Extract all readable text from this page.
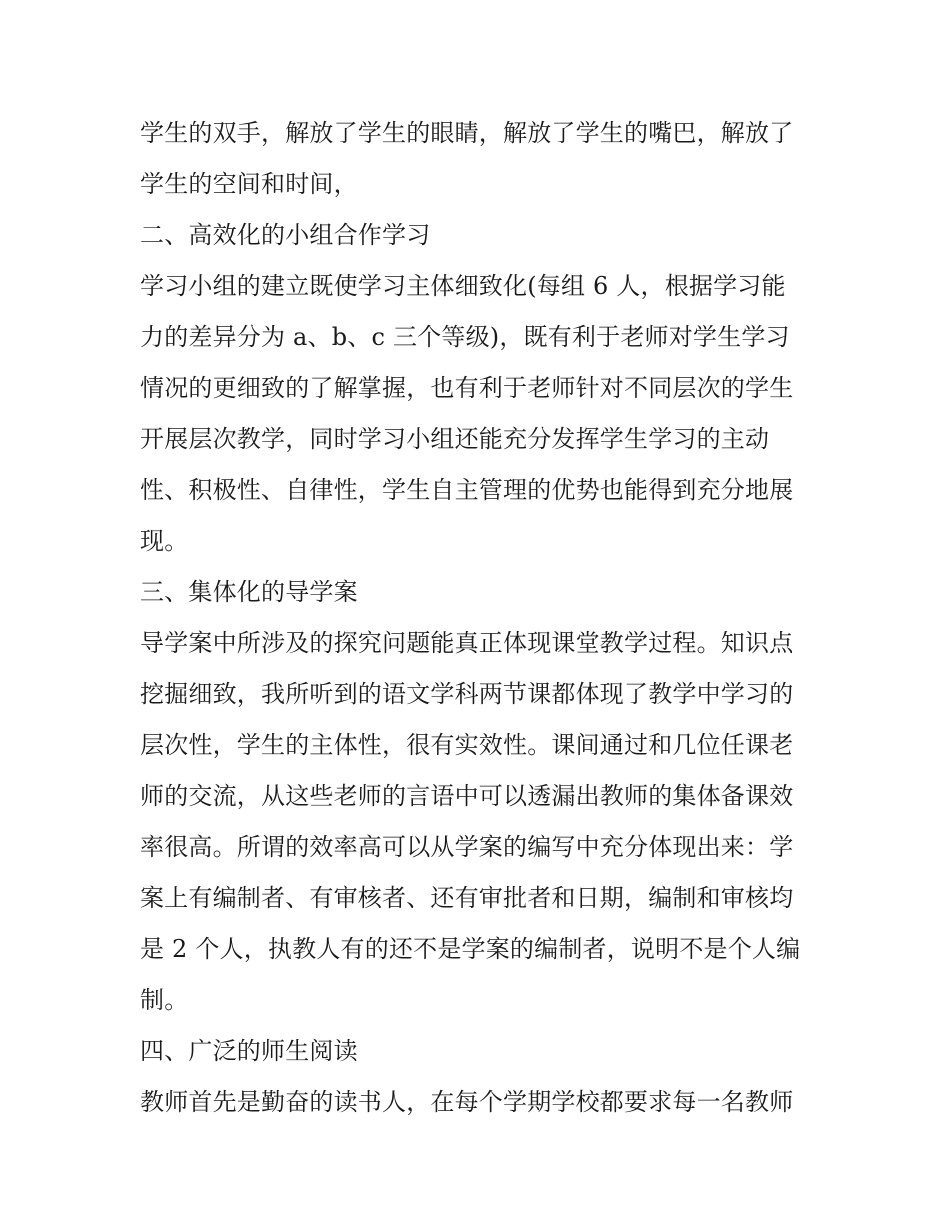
学生的双手，解放了学生的眼睛，解放了学生的嘴巴，解放了
学生的空间和时间，
二、高效化的小组合作学习
学习小组的建立既使学习主体细致化(每组 6 人，根据学习能
力的差异分为 a、b、c 三个等级)，既有利于老师对学生学习
情况的更细致的了解掌握，也有利于老师针对不同层次的学生
开展层次教学，同时学习小组还能充分发挥学生学习的主动
性、积极性、自律性，学生自主管理的优势也能得到充分地展
现。
三、集体化的导学案
导学案中所涉及的探究问题能真正体现课堂教学过程。知识点
挖掘细致，我所听到的语文学科两节课都体现了教学中学习的
层次性，学生的主体性，很有实效性。课间通过和几位任课老
师的交流，从这些老师的言语中可以透漏出教师的集体备课效
率很高。所谓的效率高可以从学案的编写中充分体现出来：学
案上有编制者、有审核者、还有审批者和日期，编制和审核均
是 2 个人，执教人有的还不是学案的编制者，说明不是个人编
制。
四、广泛的师生阅读
教师首先是勤奋的读书人，在每个学期学校都要求每一名教师
